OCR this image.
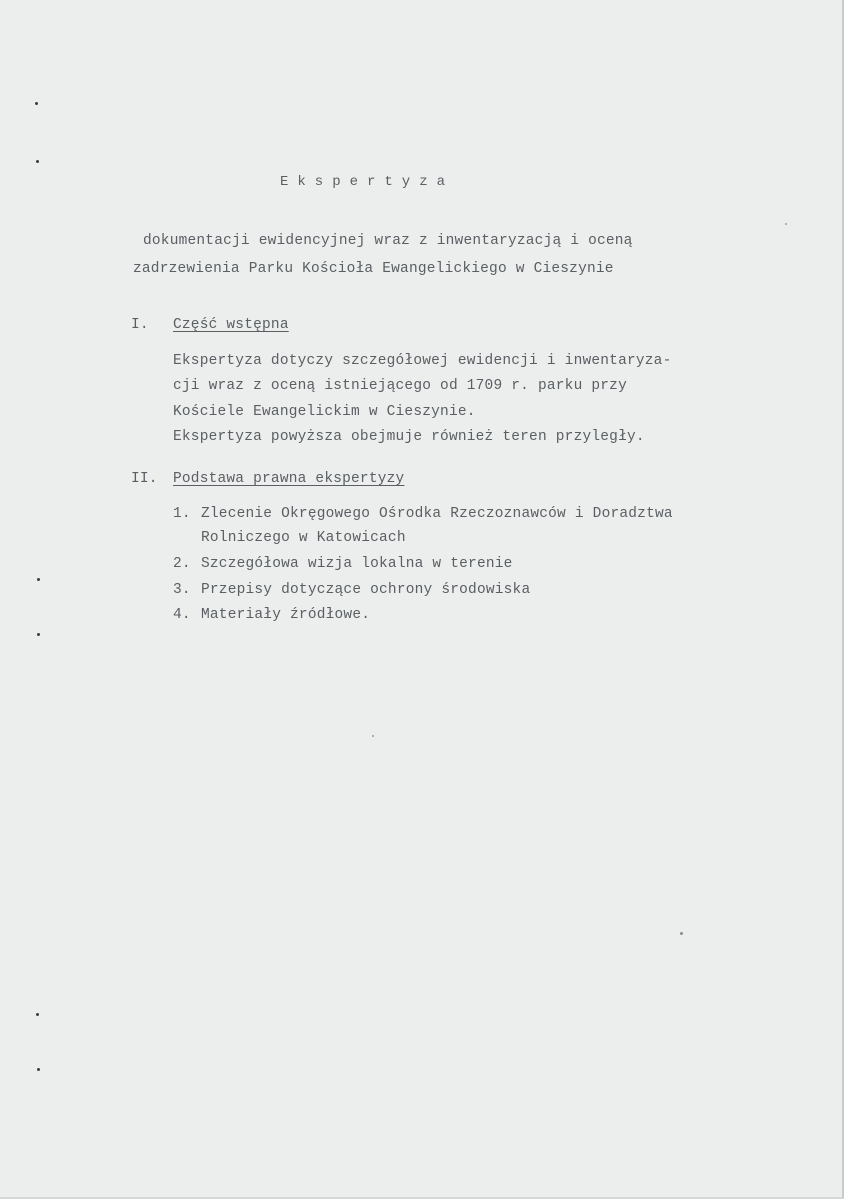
Ekspertyza
dokumentacji ewidencyjnej wraz z inwentaryzacją i oceną
zadrzewienia Parku Kościoła Ewangelickiego w Cieszynie
I. Część wstępna
Ekspertyza dotyczy szczegółowej ewidencji i inwentaryza-
cji wraz z oceną istniejącego od 1709 r. parku przy
Kościele Ewangelickim w Cieszynie.
Ekspertyza powyższa obejmuje również teren przyległy.
II. Podstawa prawna ekspertyzy
1. Zlecenie Okręgowego Ośrodka Rzeczoznawców i Doradztwa
Rolniczego w Katowicach
2. Szczegółowa wizja lokalna w terenie
3. Przepisy dotyczące ochrony środowiska
4. Materiały źródłowe.
